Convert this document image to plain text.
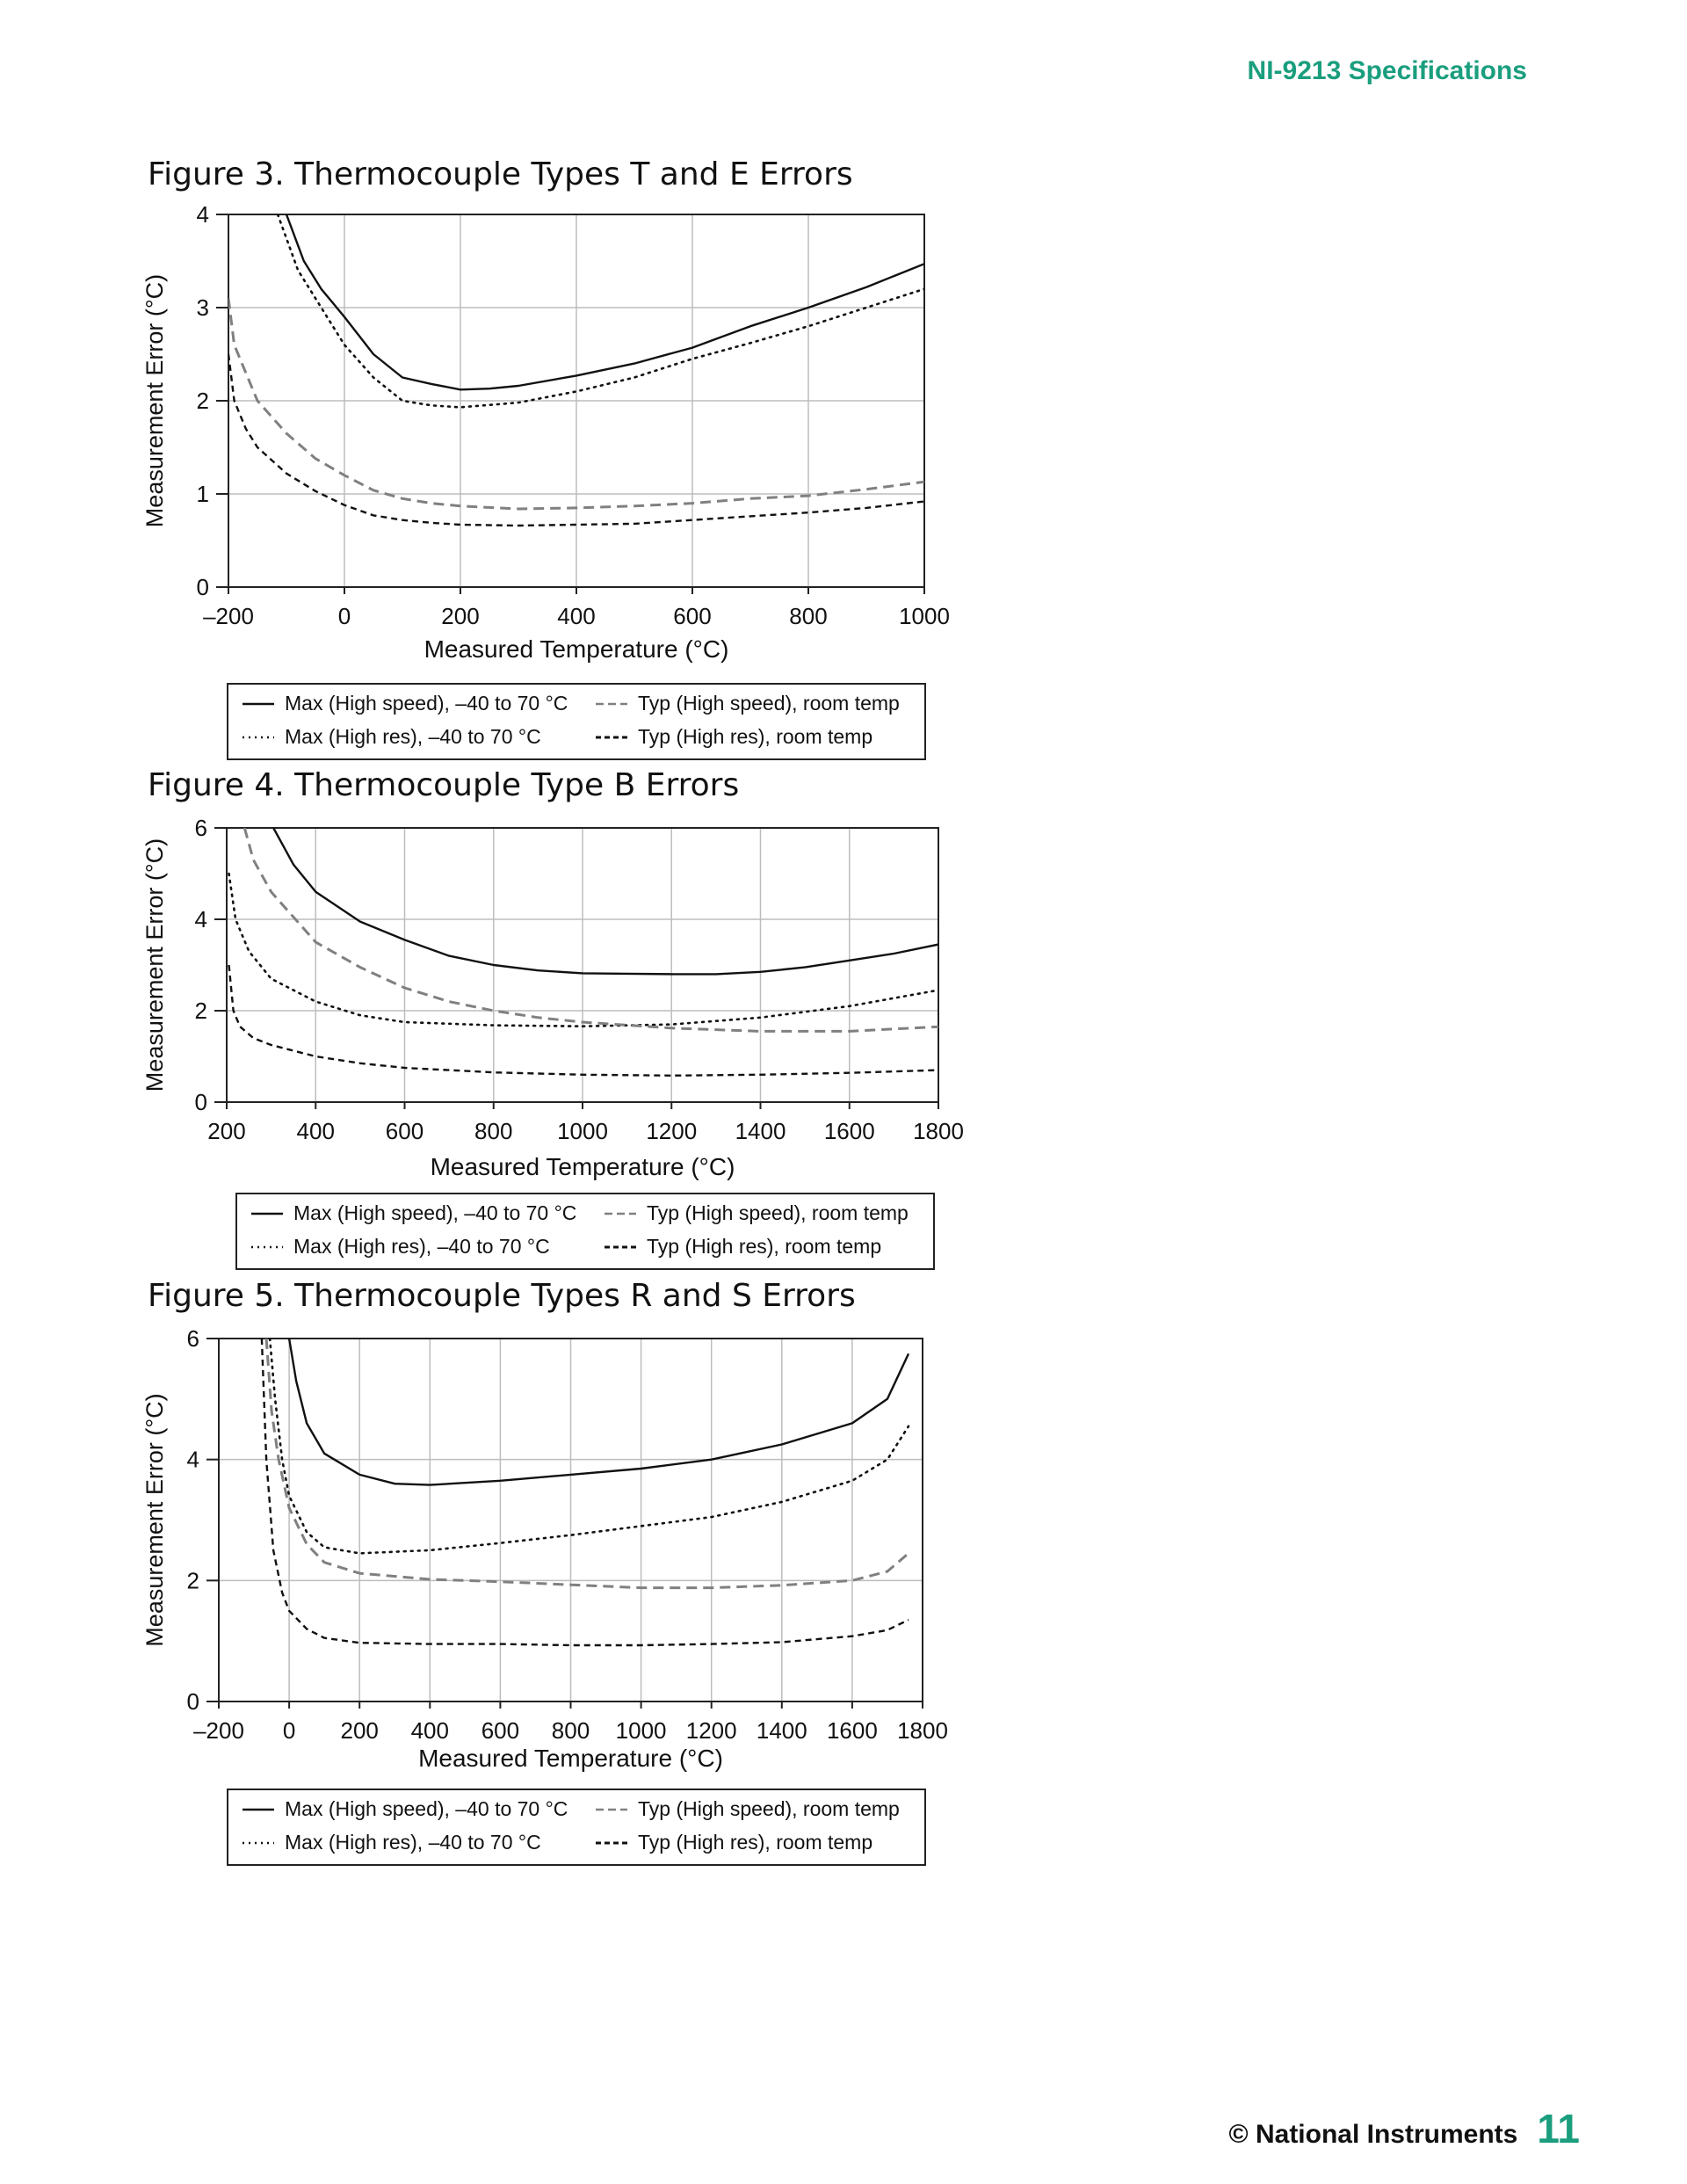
NI-9213 Specifications
Figure 3. Thermocouple Types T and E Errors
–200	0	200	400	600	800	1000
0
1
2
3
4
Measured Temperature (°C)
Measurement Error (°C)
Max (High speed), –40 to 70 °C
Max (High res), –40 to 70 °C
Typ (High speed), room temp
Typ (High res), room temp
Figure 4. Thermocouple Type B Errors
200 400 600 800 1000 1200 1400 1600 1800
0
2
4
6
Measured Temperature (°C)
Measurement Error (°C)
Max (High speed), –40 to 70 °C
Max (High res), –40 to 70 °C
Typ (High speed), room temp
Typ (High res), room temp
Figure 5. Thermocouple Types R and S Errors
–200 0 200 400 600 800 1000 1200 1400 1600 1800
0
2
4
6
Measured Temperature (°C)
Measurement Error (°C)
Max (High speed), –40 to 70 °C
Max (High res), –40 to 70 °C
Typ (High speed), room temp
Typ (High res), room temp
© National Instruments 11
